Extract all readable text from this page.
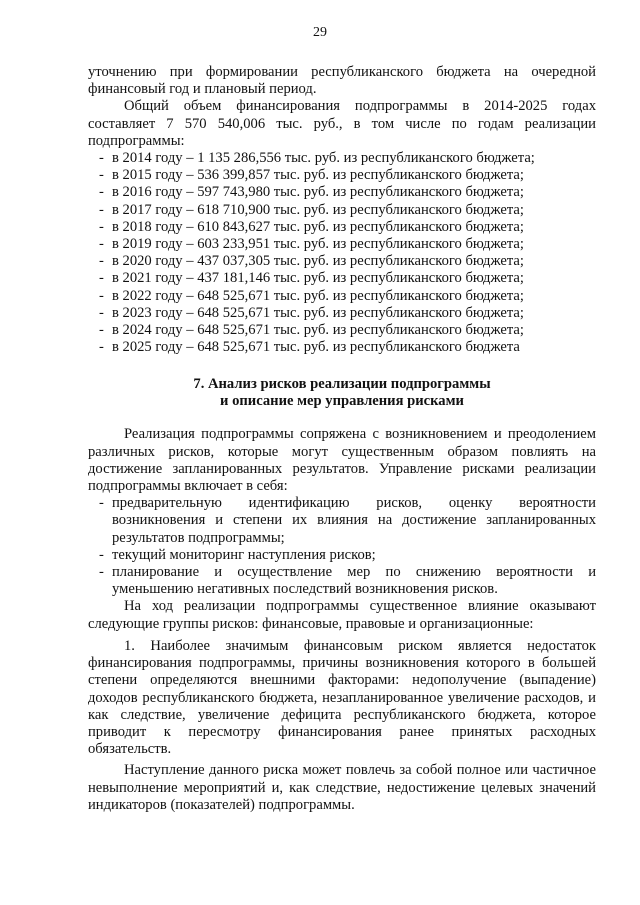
29

уточнению при формировании республиканского бюджета на очередной финансовый год и плановый период.

Общий объем финансирования подпрограммы в 2014-2025 годах составляет 7 570 540,006 тыс. руб., в том числе по годам реализации подпрограммы:

- в 2014 году – 1 135 286,556 тыс. руб. из республиканского бюджета;
- в 2015 году – 536 399,857 тыс. руб. из республиканского бюджета;
- в 2016 году – 597 743,980 тыс. руб. из республиканского бюджета;
- в 2017 году – 618 710,900 тыс. руб. из республиканского бюджета;
- в 2018 году – 610 843,627 тыс. руб. из республиканского бюджета;
- в 2019 году – 603 233,951 тыс. руб. из республиканского бюджета;
- в 2020 году – 437 037,305 тыс. руб. из республиканского бюджета;
- в 2021 году – 437 181,146 тыс. руб. из республиканского бюджета;
- в 2022 году – 648 525,671 тыс. руб. из республиканского бюджета;
- в 2023 году – 648 525,671 тыс. руб. из республиканского бюджета;
- в 2024 году – 648 525,671 тыс. руб. из республиканского бюджета;
- в 2025 году – 648 525,671 тыс. руб. из республиканского бюджета
7. Анализ рисков реализации подпрограммы
и описание мер управления рисками

Реализация подпрограммы сопряжена с возникновением и преодолением различных рисков, которые могут существенным образом повлиять на достижение запланированных результатов. Управление рисками реализации подпрограммы включает в себя:

- предварительную идентификацию рисков, оценку вероятности возникновения и степени их влияния на достижение запланированных результатов подпрограммы;
- текущий мониторинг наступления рисков;
- планирование и осуществление мер по снижению вероятности и уменьшению негативных последствий возникновения рисков.

На ход реализации подпрограммы существенное влияние оказывают следующие группы рисков: финансовые, правовые и организационные:

1. Наиболее значимым финансовым риском является недостаток финансирования подпрограммы, причины возникновения которого в большей степени определяются внешними факторами: недополучение (выпадение) доходов республиканского бюджета, незапланированное увеличение расходов, и как следствие, увеличение дефицита республиканского бюджета, которое приводит к пересмотру финансирования ранее принятых расходных обязательств.

Наступление данного риска может повлечь за собой полное или частичное невыполнение мероприятий и, как следствие, недостижение целевых значений индикаторов (показателей) подпрограммы.
